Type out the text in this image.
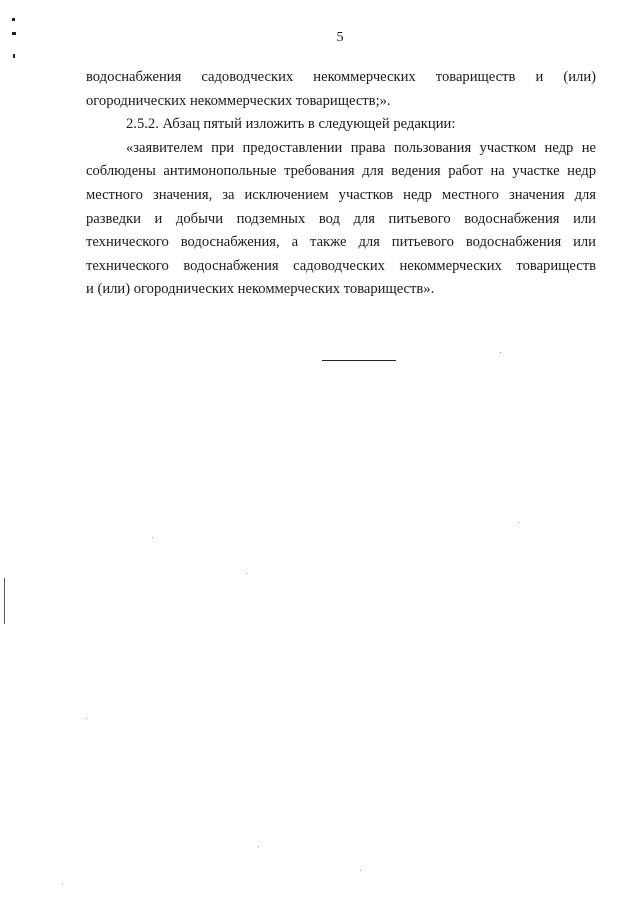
5
водоснабжения садоводческих некоммерческих товариществ и (или)
огороднических некоммерческих товариществ;».
2.5.2. Абзац пятый изложить в следующей редакции:
«заявителем при предоставлении права пользования участком недр не
соблюдены антимонопольные требования для ведения работ на участке недр
местного значения, за исключением участков недр местного значения для
разведки и добычи подземных вод для питьевого водоснабжения или
технического водоснабжения, а также для питьевого водоснабжения или
технического водоснабжения садоводческих некоммерческих товариществ
и (или) огороднических некоммерческих товариществ».
